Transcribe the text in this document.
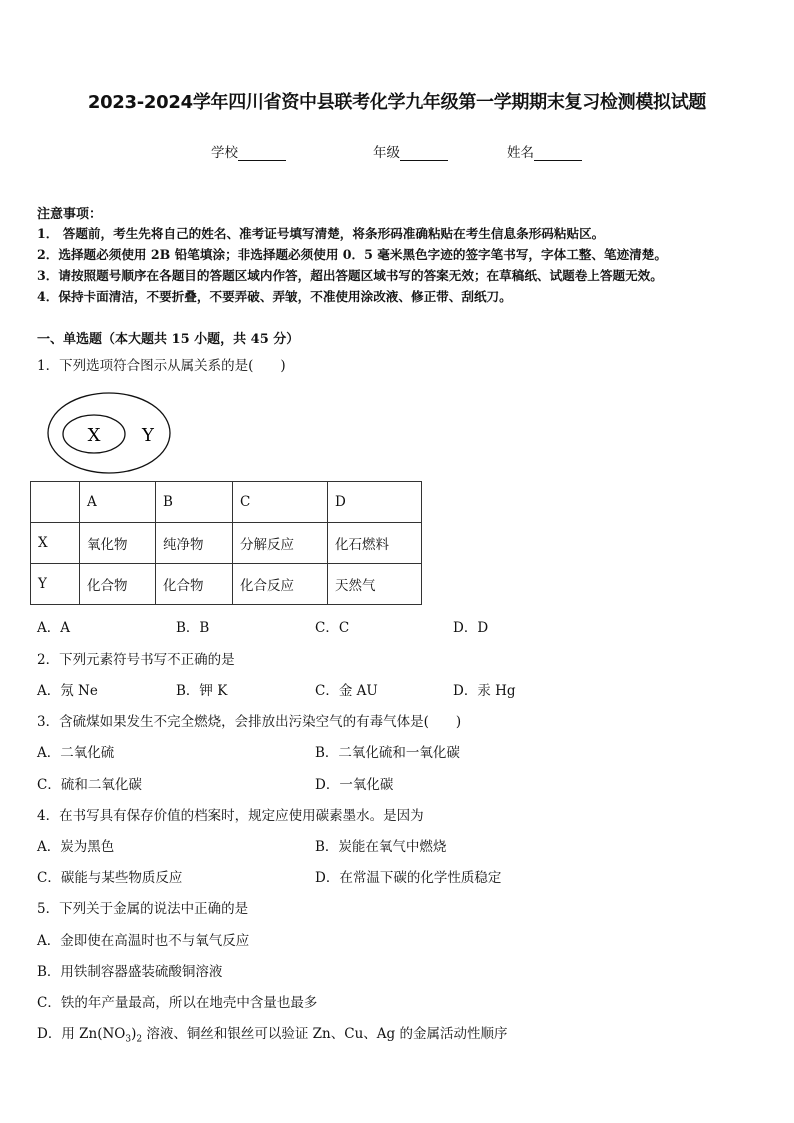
2023-2024学年四川省资中县联考化学九年级第一学期期末复习检测模拟试题
学校	年级	姓名
注意事项：
1． 答题前，考生先将自己的姓名、准考证号填写清楚，将条形码准确粘贴在考生信息条形码粘贴区。
2．选择题必须使用 2B 铅笔填涂；非选择题必须使用 0．5 毫米黑色字迹的签字笔书写，字体工整、笔迹清楚。
3．请按照题号顺序在各题目的答题区域内作答，超出答题区域书写的答案无效；在草稿纸、试题卷上答题无效。
4．保持卡面清洁，不要折叠，不要弄破、弄皱，不准使用涂改液、修正带、刮纸刀。
一、单选题（本大题共 15 小题，共 45 分）
1．下列选项符合图示从属关系的是(　　)
X Y
	A	B	C	D
X	氧化物	纯净物	分解反应	化石燃料
Y	化合物	化合物	化合反应	天然气
A．A	B．B	C．C	D．D
2．下列元素符号书写不正确的是
A．氖 Ne	B．钾 K	C．金 AU	D．汞 Hg
3．含硫煤如果发生不完全燃烧，会排放出污染空气的有毒气体是(　　)
A．二氧化硫	B．二氧化硫和一氧化碳
C．硫和二氧化碳	D．一氧化碳
4．在书写具有保存价值的档案时，规定应使用碳素墨水。是因为
A．炭为黑色	B．炭能在氧气中燃烧
C．碳能与某些物质反应	D．在常温下碳的化学性质稳定
5．下列关于金属的说法中正确的是
A．金即使在高温时也不与氧气反应
B．用铁制容器盛装硫酸铜溶液
C．铁的年产量最高，所以在地壳中含量也最多
D．用 $Zn(NO_3)_2$ 溶液、铜丝和银丝可以验证 Zn、Cu、Ag 的金属活动性顺序
